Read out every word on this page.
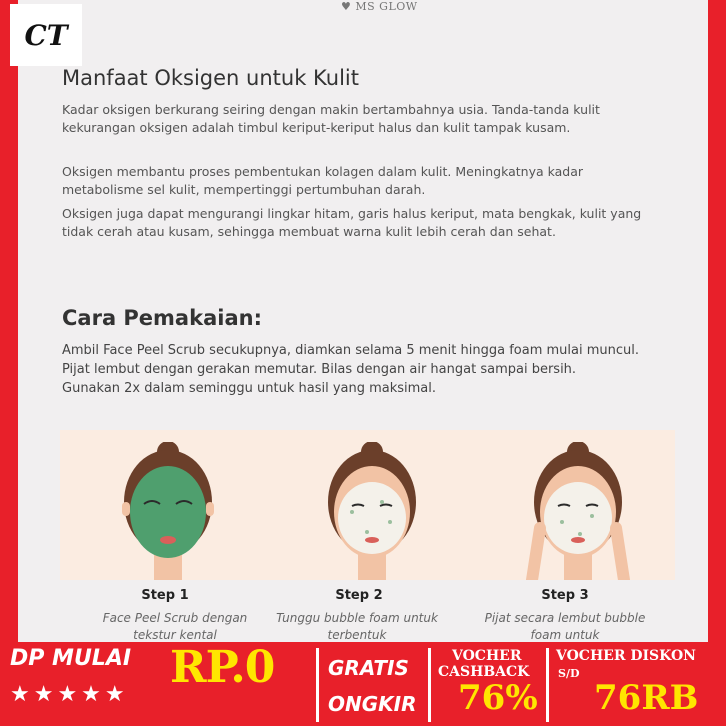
♥ MS GLOW
CT
Manfaat Oksigen untuk Kulit
Kadar oksigen berkurang seiring dengan makin bertambahnya usia. Tanda-tanda kulit kekurangan oksigen adalah timbul keriput-keriput halus dan kulit tampak kusam.
Oksigen membantu proses pembentukan kolagen dalam kulit. Meningkatnya kadar metabolisme sel kulit, mempertinggi pertumbuhan darah.
Oksigen juga dapat mengurangi lingkar hitam, garis halus keriput, mata bengkak, kulit yang tidak cerah atau kusam, sehingga membuat warna kulit lebih cerah dan sehat.
Cara Pemakaian:
Ambil Face Peel Scrub secukupnya, diamkan selama 5 menit hingga foam mulai muncul. Pijat lembut dengan gerakan memutar. Bilas dengan air hangat sampai bersih.
Gunakan 2x dalam seminggu untuk hasil yang maksimal.
Step 1	Step 2	Step 3
Face Peel Scrub dengan tekstur kental
Tunggu bubble foam untuk terbentuk
Pijat secara lembut bubble foam untuk
DP MULAI
★★★★★
RP.0	GRATIS
ONGKIR
VOCHER
CASHBACK
76%
VOCHER DISKON
S/D
76RB
